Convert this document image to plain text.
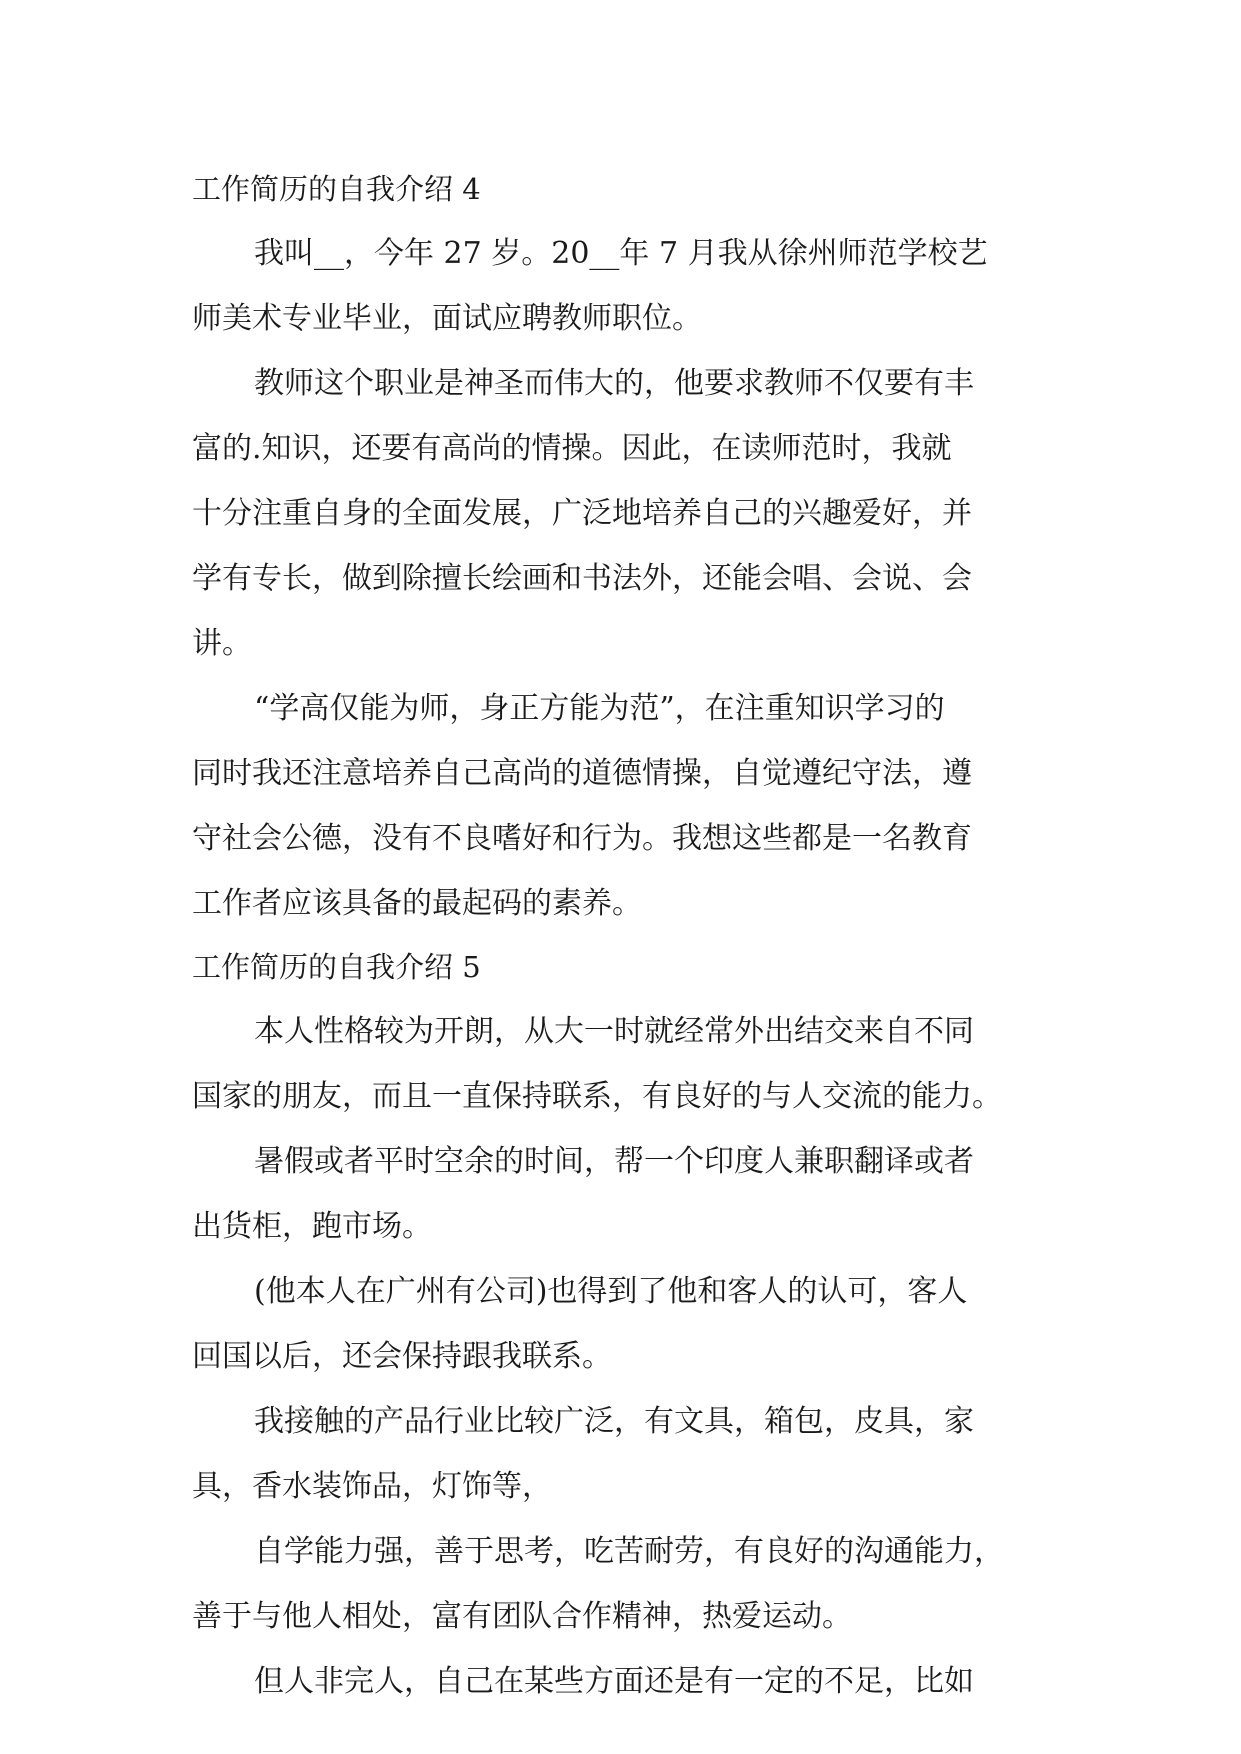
工作简历的自我介绍 4
我叫__，今年 27 岁。20__年 7 月我从徐州师范学校艺
师美术专业毕业，面试应聘教师职位。
教师这个职业是神圣而伟大的，他要求教师不仅要有丰
富的.知识，还要有高尚的情操。因此，在读师范时，我就
十分注重自身的全面发展，广泛地培养自己的兴趣爱好，并
学有专长，做到除擅长绘画和书法外，还能会唱、会说、会
讲。
“学高仅能为师，身正方能为范”，在注重知识学习的
同时我还注意培养自己高尚的道德情操，自觉遵纪守法，遵
守社会公德，没有不良嗜好和行为。我想这些都是一名教育
工作者应该具备的最起码的素养。
工作简历的自我介绍 5
本人性格较为开朗，从大一时就经常外出结交来自不同
国家的朋友，而且一直保持联系，有良好的与人交流的能力。
暑假或者平时空余的时间，帮一个印度人兼职翻译或者
出货柜，跑市场。
(他本人在广州有公司)也得到了他和客人的认可，客人
回国以后，还会保持跟我联系。
我接触的产品行业比较广泛，有文具，箱包，皮具，家
具，香水装饰品，灯饰等，
自学能力强，善于思考，吃苦耐劳，有良好的沟通能力，
善于与他人相处，富有团队合作精神，热爱运动。
但人非完人，自己在某些方面还是有一定的不足，比如
